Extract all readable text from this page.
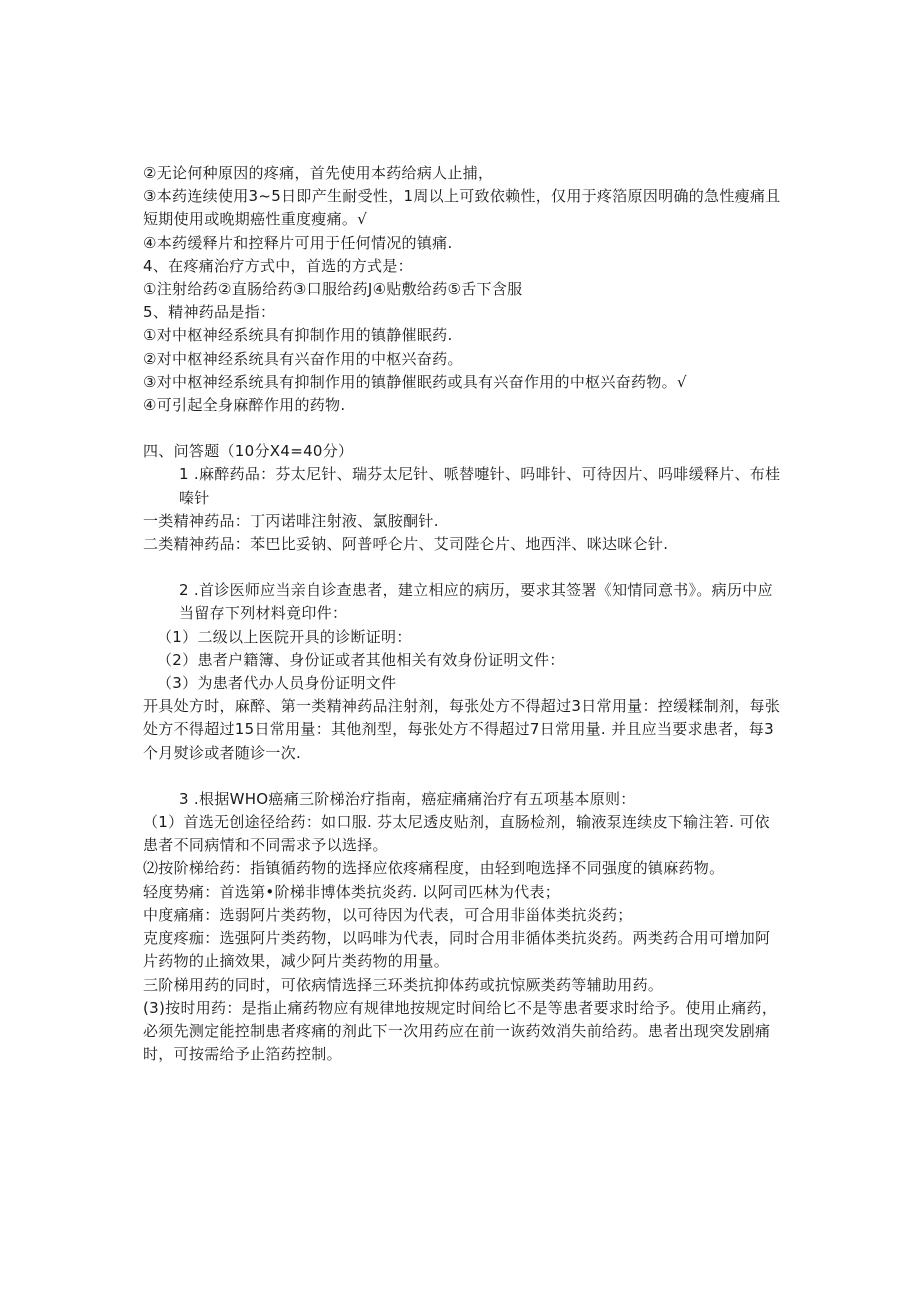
②无论何种原因的疼痛，首先使用本药给病人止捕，
③本药连续使用3~5日即产生耐受性，1周以上可致依赖性，仅用于疼箔原因明确的急性瘦痛且短期使用或晚期癌性重度瘦痛。√
④本药缓释片和控释片可用于任何情况的镇痛.
4、在疼痛治疗方式中，首选的方式是：
①注射给药②直肠给药③口服给药J④贴敷给药⑤舌下含服
5、精神药品是指：
①对中枢神经系统具有抑制作用的镇静催眠药.
②对中枢神经系统具有兴奋作用的中枢兴奋药。
③对中枢神经系统具有抑制作用的镇静催眠药或具有兴奋作用的中枢兴奋药物。√
④可引起全身麻醉作用的药物.
四、问答题（10分X4=40分）
1 .麻醉药品：芬太尼针、瑞芬太尼针、哌替嚏针、吗啡针、可待因片、吗啡缓释片、布桂嗪针
一类精神药品：丁丙诺啡注射液、氯胺酮针.
二类精神药品：苯巴比妥钠、阿普呼仑片、艾司陛仑片、地西泮、咪达咪仑针.
2 .首诊医师应当亲自诊查患者，建立相应的病历，要求其签署《知情同意书》。病历中应当留存下列材料竟印件：
（1）二级以上医院开具的诊断证明：
（2）患者户籍簿、身份证或者其他相关有效身份证明文件：
（3）为患者代办人员身份证明文件
开具处方时，麻醉、第一类精神药品注射剂，每张处方不得超过3日常用量：控缓糅制剂，每张处方不得超过15日常用量：其他剂型，每张处方不得超过7日常用量. 并且应当要求患者，每3个月熨诊或者随诊一次.
3 .根据WHO癌痛三阶梯治疗指南，癌症痛痛治疗有五项基本原则：
（1）首选无创途径给药：如口服. 芬太尼透皮贴剂，直肠检剂，输液泵连续皮下输注箬. 可依患者不同病情和不同需求予以选择。
⑵按阶梯给药：指镇循药物的选择应依疼痛程度，由轻到咆选择不同强度的镇麻药物。
轻度势痛：首选第•阶梯非博体类抗炎药. 以阿司匹林为代表；
中度痛痛：选弱阿片类药物，以可待因为代表，可合用非甾体类抗炎药；
克度疼痂：选强阿片类药物，以吗啡为代表，同时合用非循体类抗炎药。两类药合用可增加阿片药物的止摘效果，减少阿片类药物的用量。
三阶梯用药的同时，可依病情选择三环类抗抑体药或抗惊厥类药等辅助用药。
(3)按时用药：是指止痛药物应有规律地按规定时间给匕不是等患者要求时给予。使用止痛药，必须先测定能控制患者疼痛的剂此下一次用药应在前一诙药效消失前给药。患者出现突发剧痛时，可按需给予止箔药控制。
